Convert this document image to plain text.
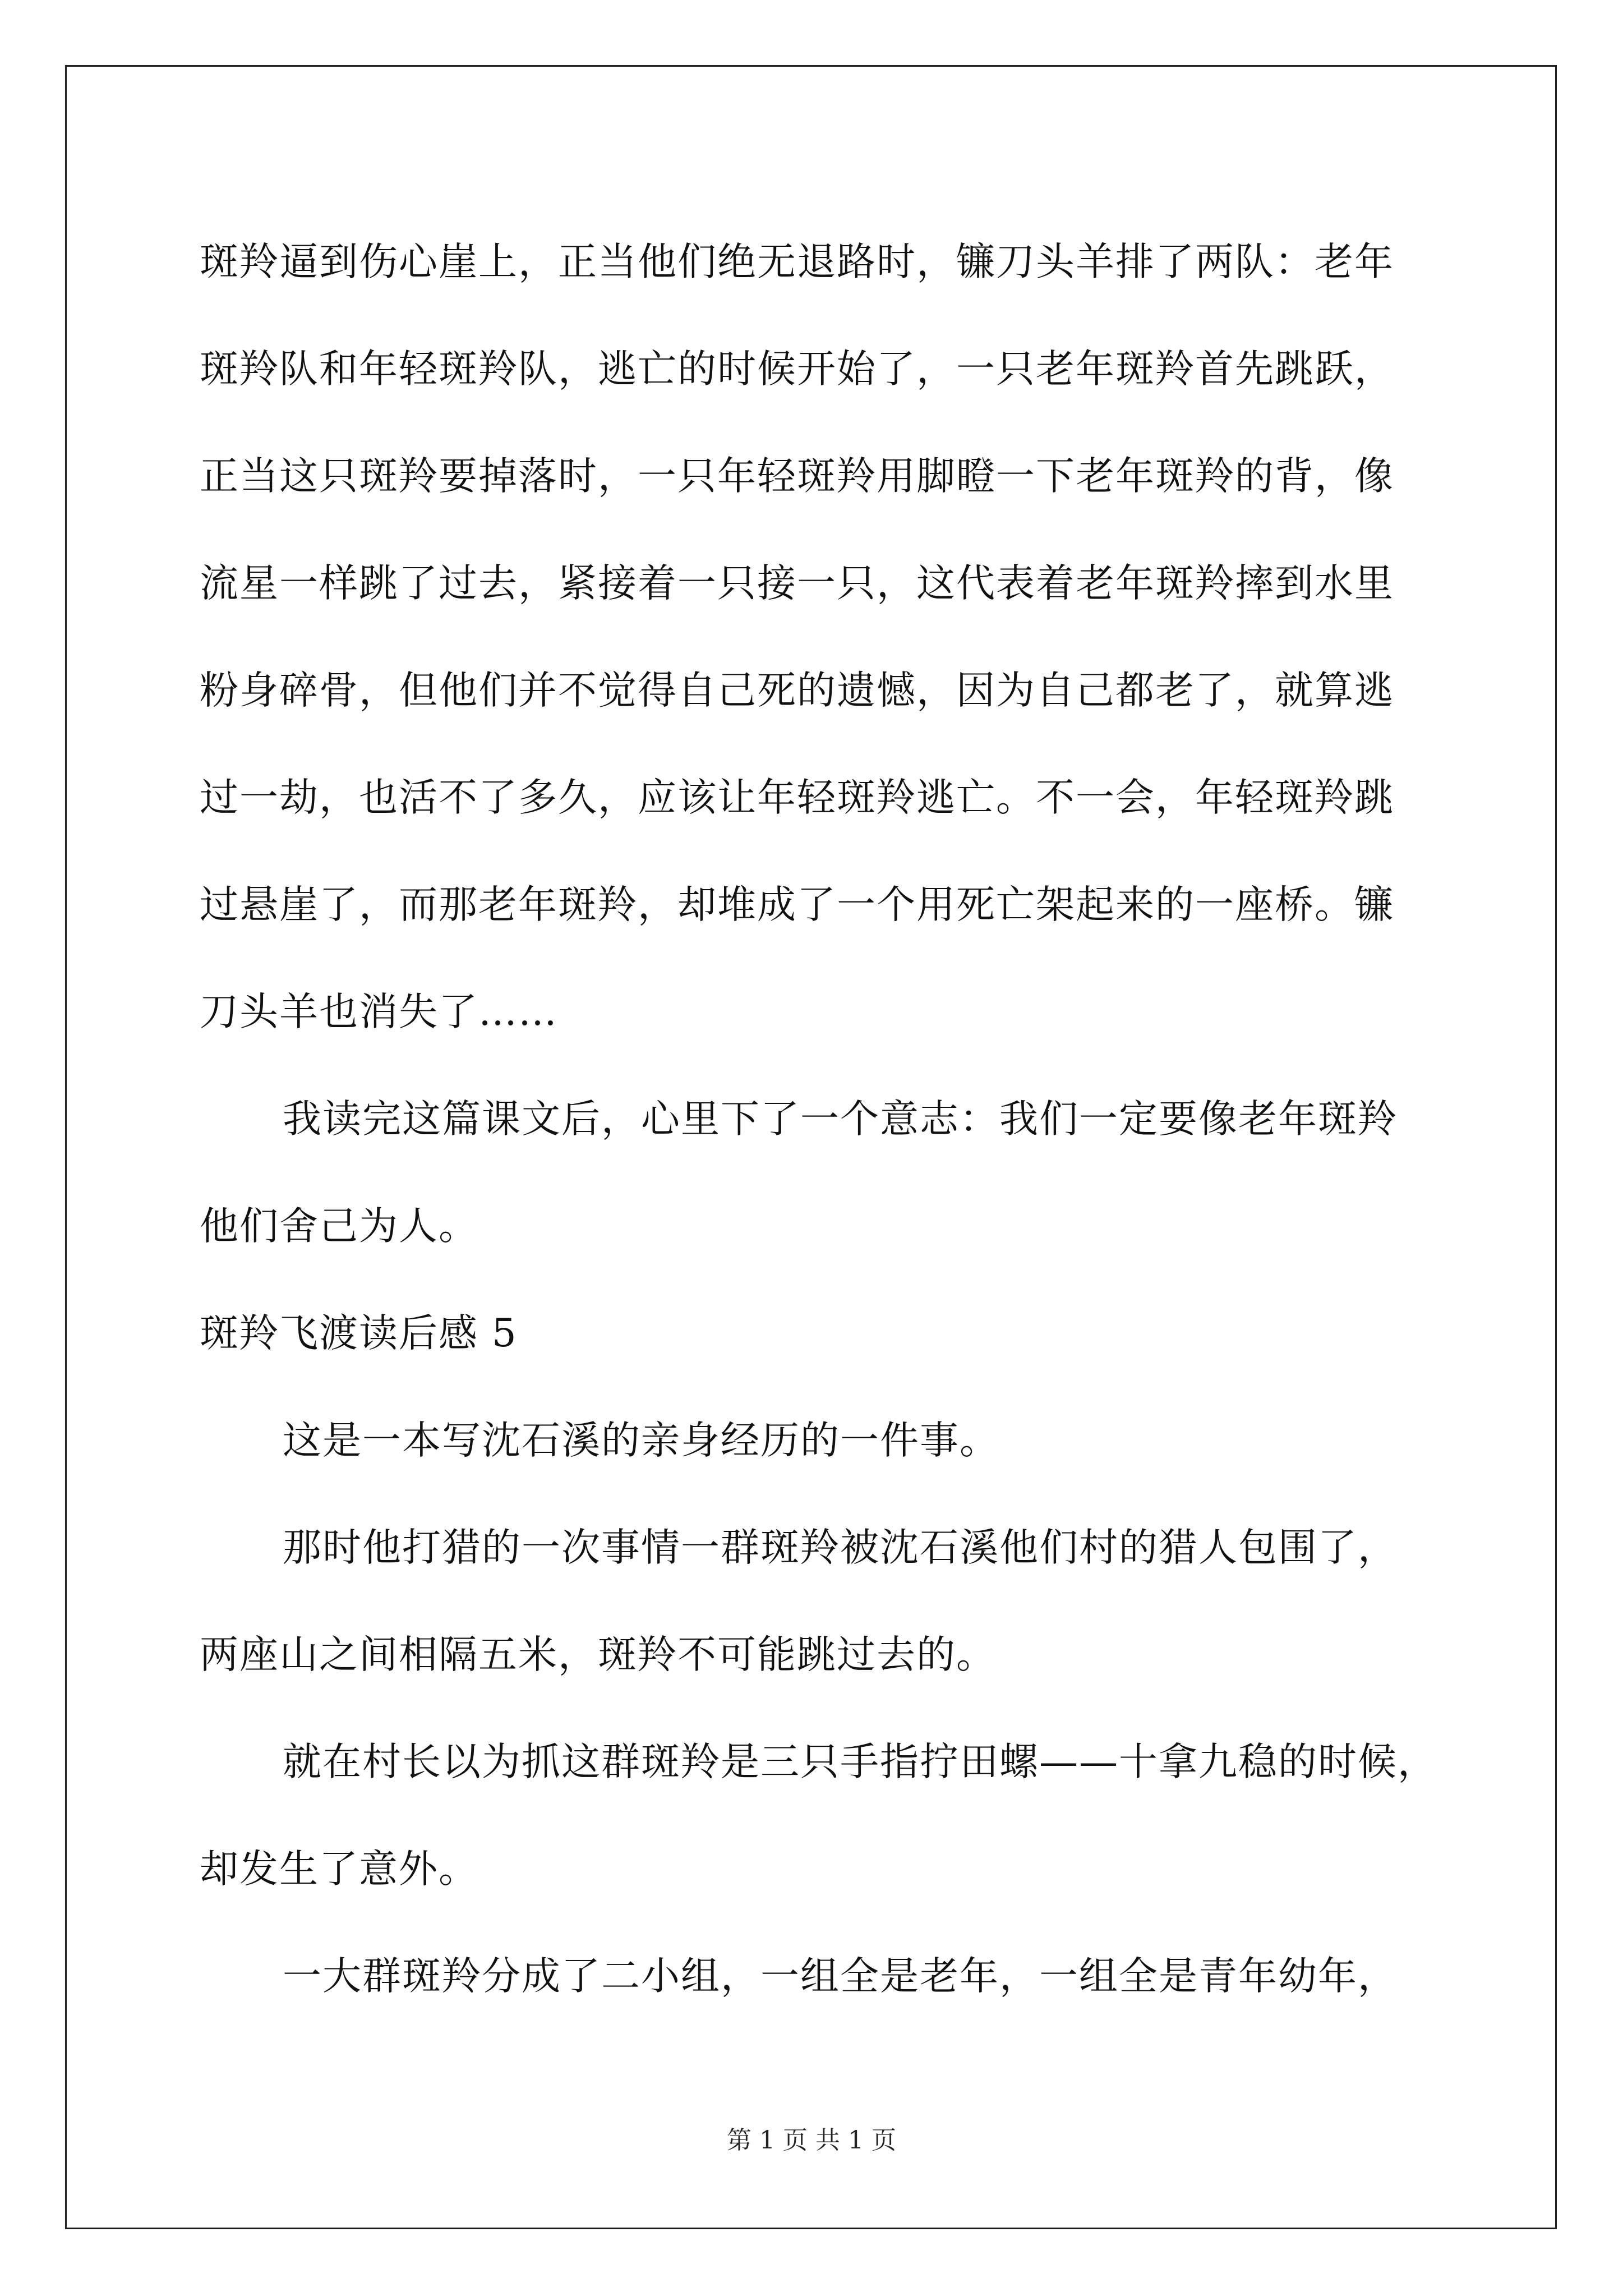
斑羚逼到伤心崖上，正当他们绝无退路时，镰刀头羊排了两队：老年
斑羚队和年轻斑羚队，逃亡的时候开始了，一只老年斑羚首先跳跃，
正当这只斑羚要掉落时，一只年轻斑羚用脚瞪一下老年斑羚的背，像
流星一样跳了过去，紧接着一只接一只，这代表着老年斑羚摔到水里
粉身碎骨，但他们并不觉得自己死的遗憾，因为自己都老了，就算逃
过一劫，也活不了多久，应该让年轻斑羚逃亡。不一会，年轻斑羚跳
过悬崖了，而那老年斑羚，却堆成了一个用死亡架起来的一座桥。镰
刀头羊也消失了……
我读完这篇课文后，心里下了一个意志：我们一定要像老年斑羚
他们舍己为人。
斑羚飞渡读后感 5
这是一本写沈石溪的亲身经历的一件事。
那时他打猎的一次事情一群斑羚被沈石溪他们村的猎人包围了，
两座山之间相隔五米，斑羚不可能跳过去的。
就在村长以为抓这群斑羚是三只手指拧田螺——十拿九稳的时候，
却发生了意外。
一大群斑羚分成了二小组，一组全是老年，一组全是青年幼年，
第 1 页 共 1 页
